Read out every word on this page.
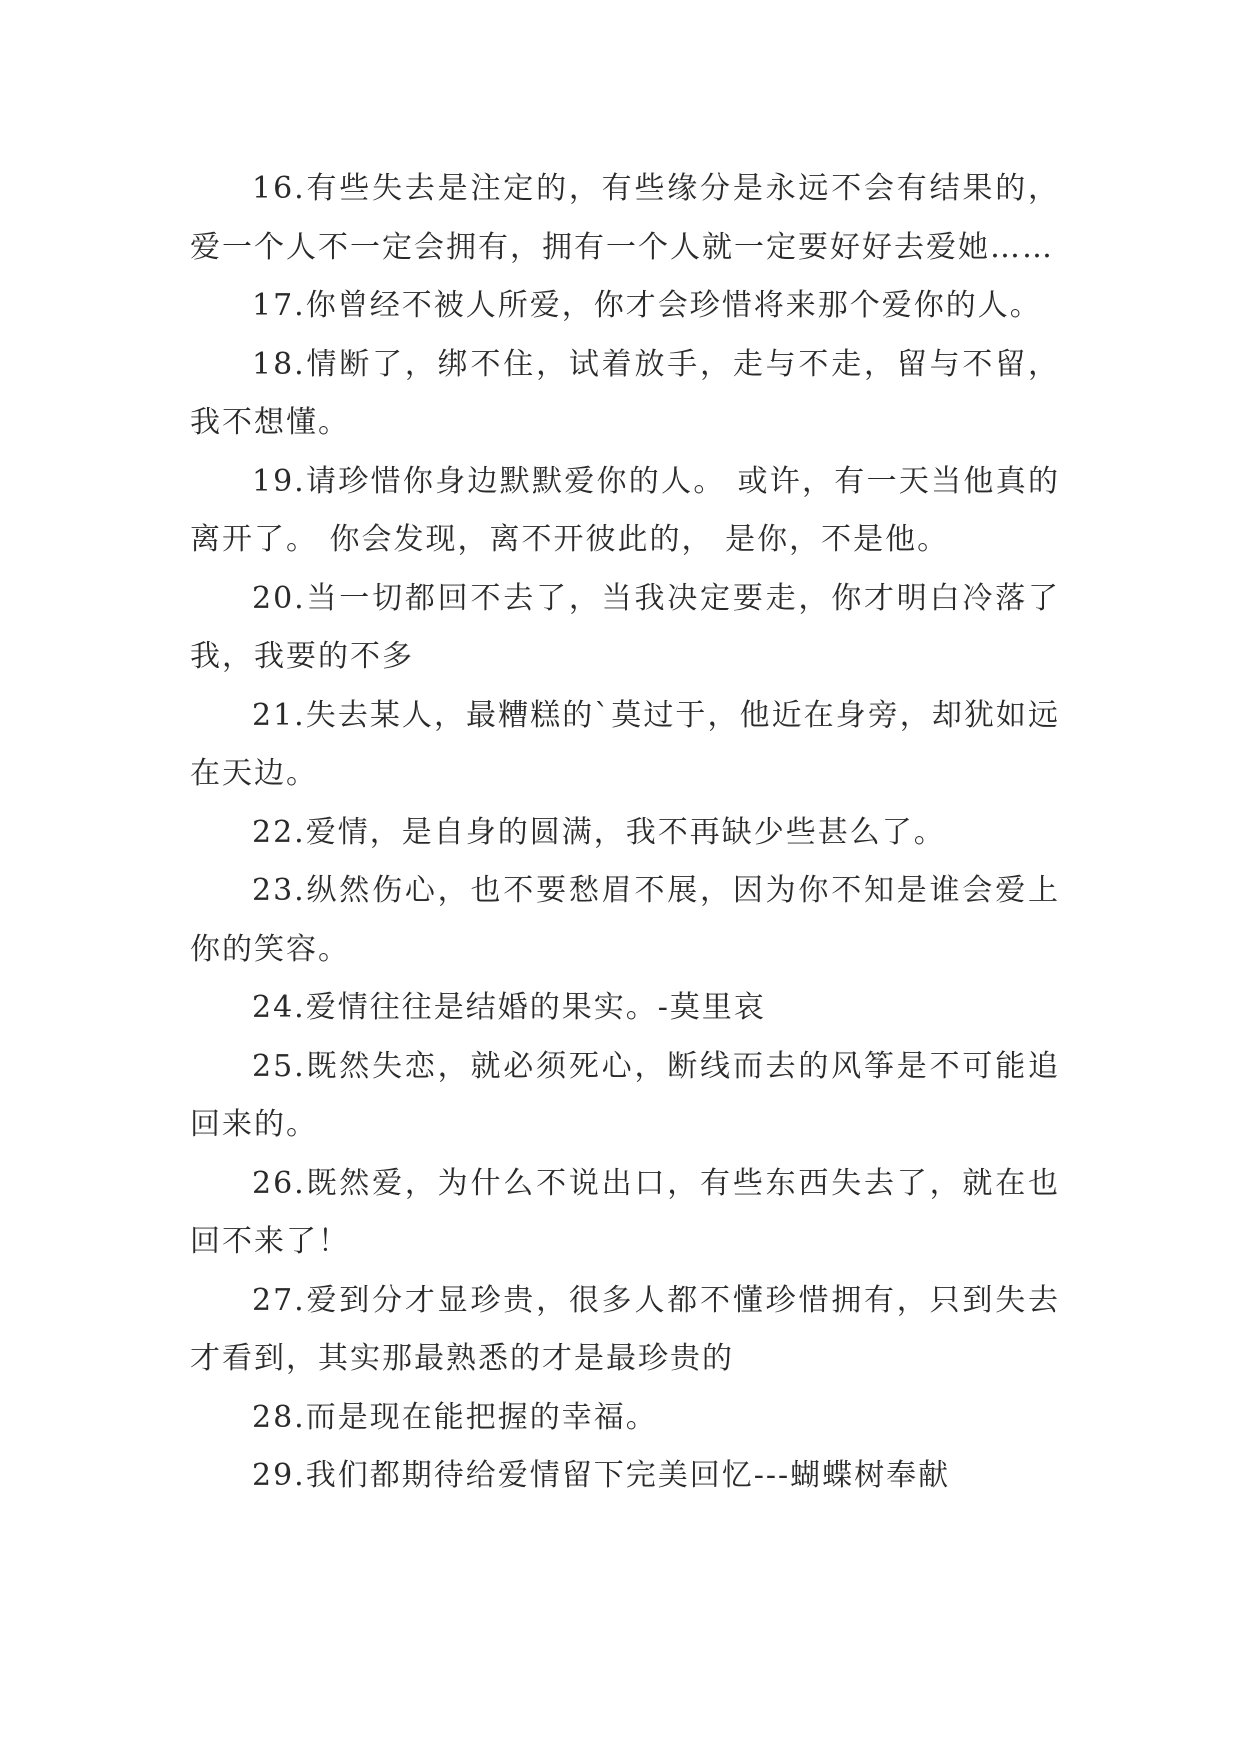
16.有些失去是注定的，有些缘分是永远不会有结果的，爱一个人不一定会拥有，拥有一个人就一定要好好去爱她……

17.你曾经不被人所爱，你才会珍惜将来那个爱你的人。

18.情断了，绑不住，试着放手，走与不走，留与不留，我不想懂。

19.请珍惜你身边默默爱你的人。 或许，有一天当他真的离开了。 你会发现，离不开彼此的， 是你，不是他。

20.当一切都回不去了，当我决定要走，你才明白冷落了我，我要的不多

21.失去某人，最糟糕的`莫过于，他近在身旁，却犹如远在天边。

22.爱情，是自身的圆满，我不再缺少些甚么了。

23.纵然伤心，也不要愁眉不展，因为你不知是谁会爱上你的笑容。

24.爱情往往是结婚的果实。-莫里哀

25.既然失恋，就必须死心，断线而去的风筝是不可能追回来的。

26.既然爱，为什么不说出口，有些东西失去了，就在也回不来了！

27.爱到分才显珍贵，很多人都不懂珍惜拥有，只到失去才看到，其实那最熟悉的才是最珍贵的

28.而是现在能把握的幸福。

29.我们都期待给爱情留下完美回忆---蝴蝶树奉献
